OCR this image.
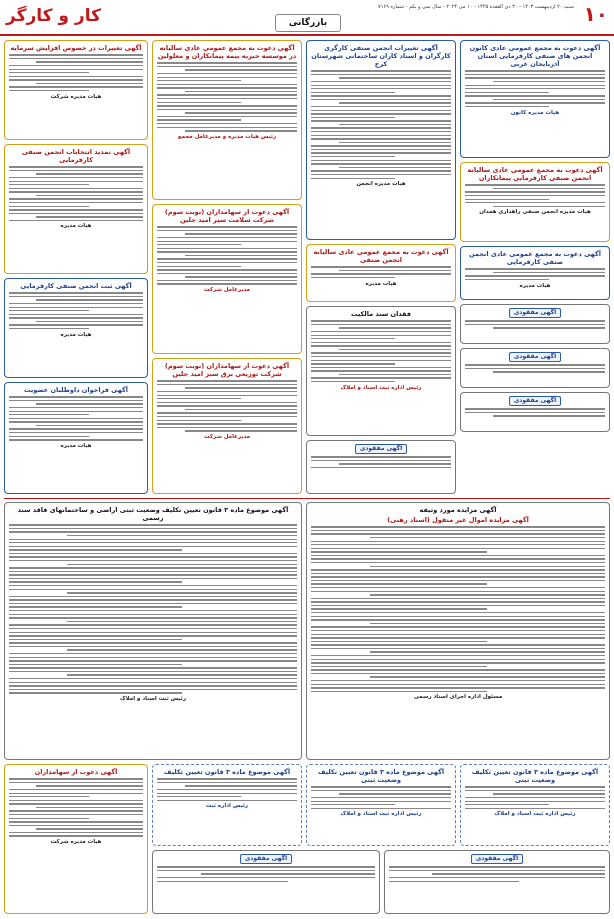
۱۰
شنبه ۲۰ اردیبهشت ۱۴۰۳ - ۳۰ ذی القعده ۱۴۴۵ - ۱۰ می ۲۰۲۴ - سال سی و یکم - شماره ۷۱۶۹
بازرگانی
کار و کارگر
آگهی دعوت به مجمع عمومی عادی کانون انجمن های صنفی کارفرمایی استان آذربایجان غربی
هیات مدیره کانون
آگهی دعوت به مجمع عمومی عادی سالیانه انجمن صنفی کارفرمایی پیمانکاران
هیات مدیره انجمن صنفی راهداری همدان
آگهی دعوت به مجمع عمومی عادی انجمن صنفی کارفرمایی
هیات مدیره
آگهی مفقودی
آگهی مفقودی
آگهی مفقودی
آگهی تغییرات انجمن صنفی کارگری کارگران و اسناد کاران ساختمانی شهرستان کرج
هیات مدیره انجمن
آگهی دعوت به مجمع عمومی عادی سالیانه انجمن صنفی
هیات مدیره
فقدان سند مالکیت
رئیس اداره ثبت اسناد و املاک
آگهی مفقودی
آگهی دعوت به مجمع عمومی عادی سالیانه در موسسه خیریه بیمه پیمانکاران و معلولین
رئیس هیات مدیره و مدیرعامل مجمع
آگهی دعوت از سهامداران (نوبت سوم) شرکت سلامت سیر امید جلین
مدیرعامل شرکت
آگهی دعوت از سهامداران (نوبت سوم) شرکت توزیعی برق سبز امید جلین
مدیرعامل شرکت
آگهی تغییرات در خصوص افزایش سرمایه
هیات مدیره شرکت
آگهی تمدید انتخابات انجمن صنفی کارفرمایی
هیات مدیره
آگهی ثبت انجمن صنفی کارفرمایی
هیات مدیره
آگهی فراخوان داوطلبان عضویت
هیات مدیره
آگهی مزایده مورد وثیقه
آگهی مزایده اموال غیر منقول (اسناد رهنی)
مسئول اداره اجرای اسناد رسمی
آگهی موضوع ماده ۳ قانون تعیین تکلیف وضعیت ثبتی اراضی و ساختمانهای فاقد سند رسمی
رئیس ثبت اسناد و املاک
آگهی موضوع ماده ۳ قانون تعیین تکلیف وضعیت ثبتی
رئیس اداره ثبت اسناد و املاک
آگهی موضوع ماده ۳ قانون تعیین تکلیف وضعیت ثبتی
رئیس اداره ثبت اسناد و املاک
آگهی موضوع ماده ۳ قانون تعیین تکلیف
رئیس اداره ثبت
آگهی دعوت از سهامداران
هیات مدیره شرکت
آگهی مفقودی
آگهی مفقودی
